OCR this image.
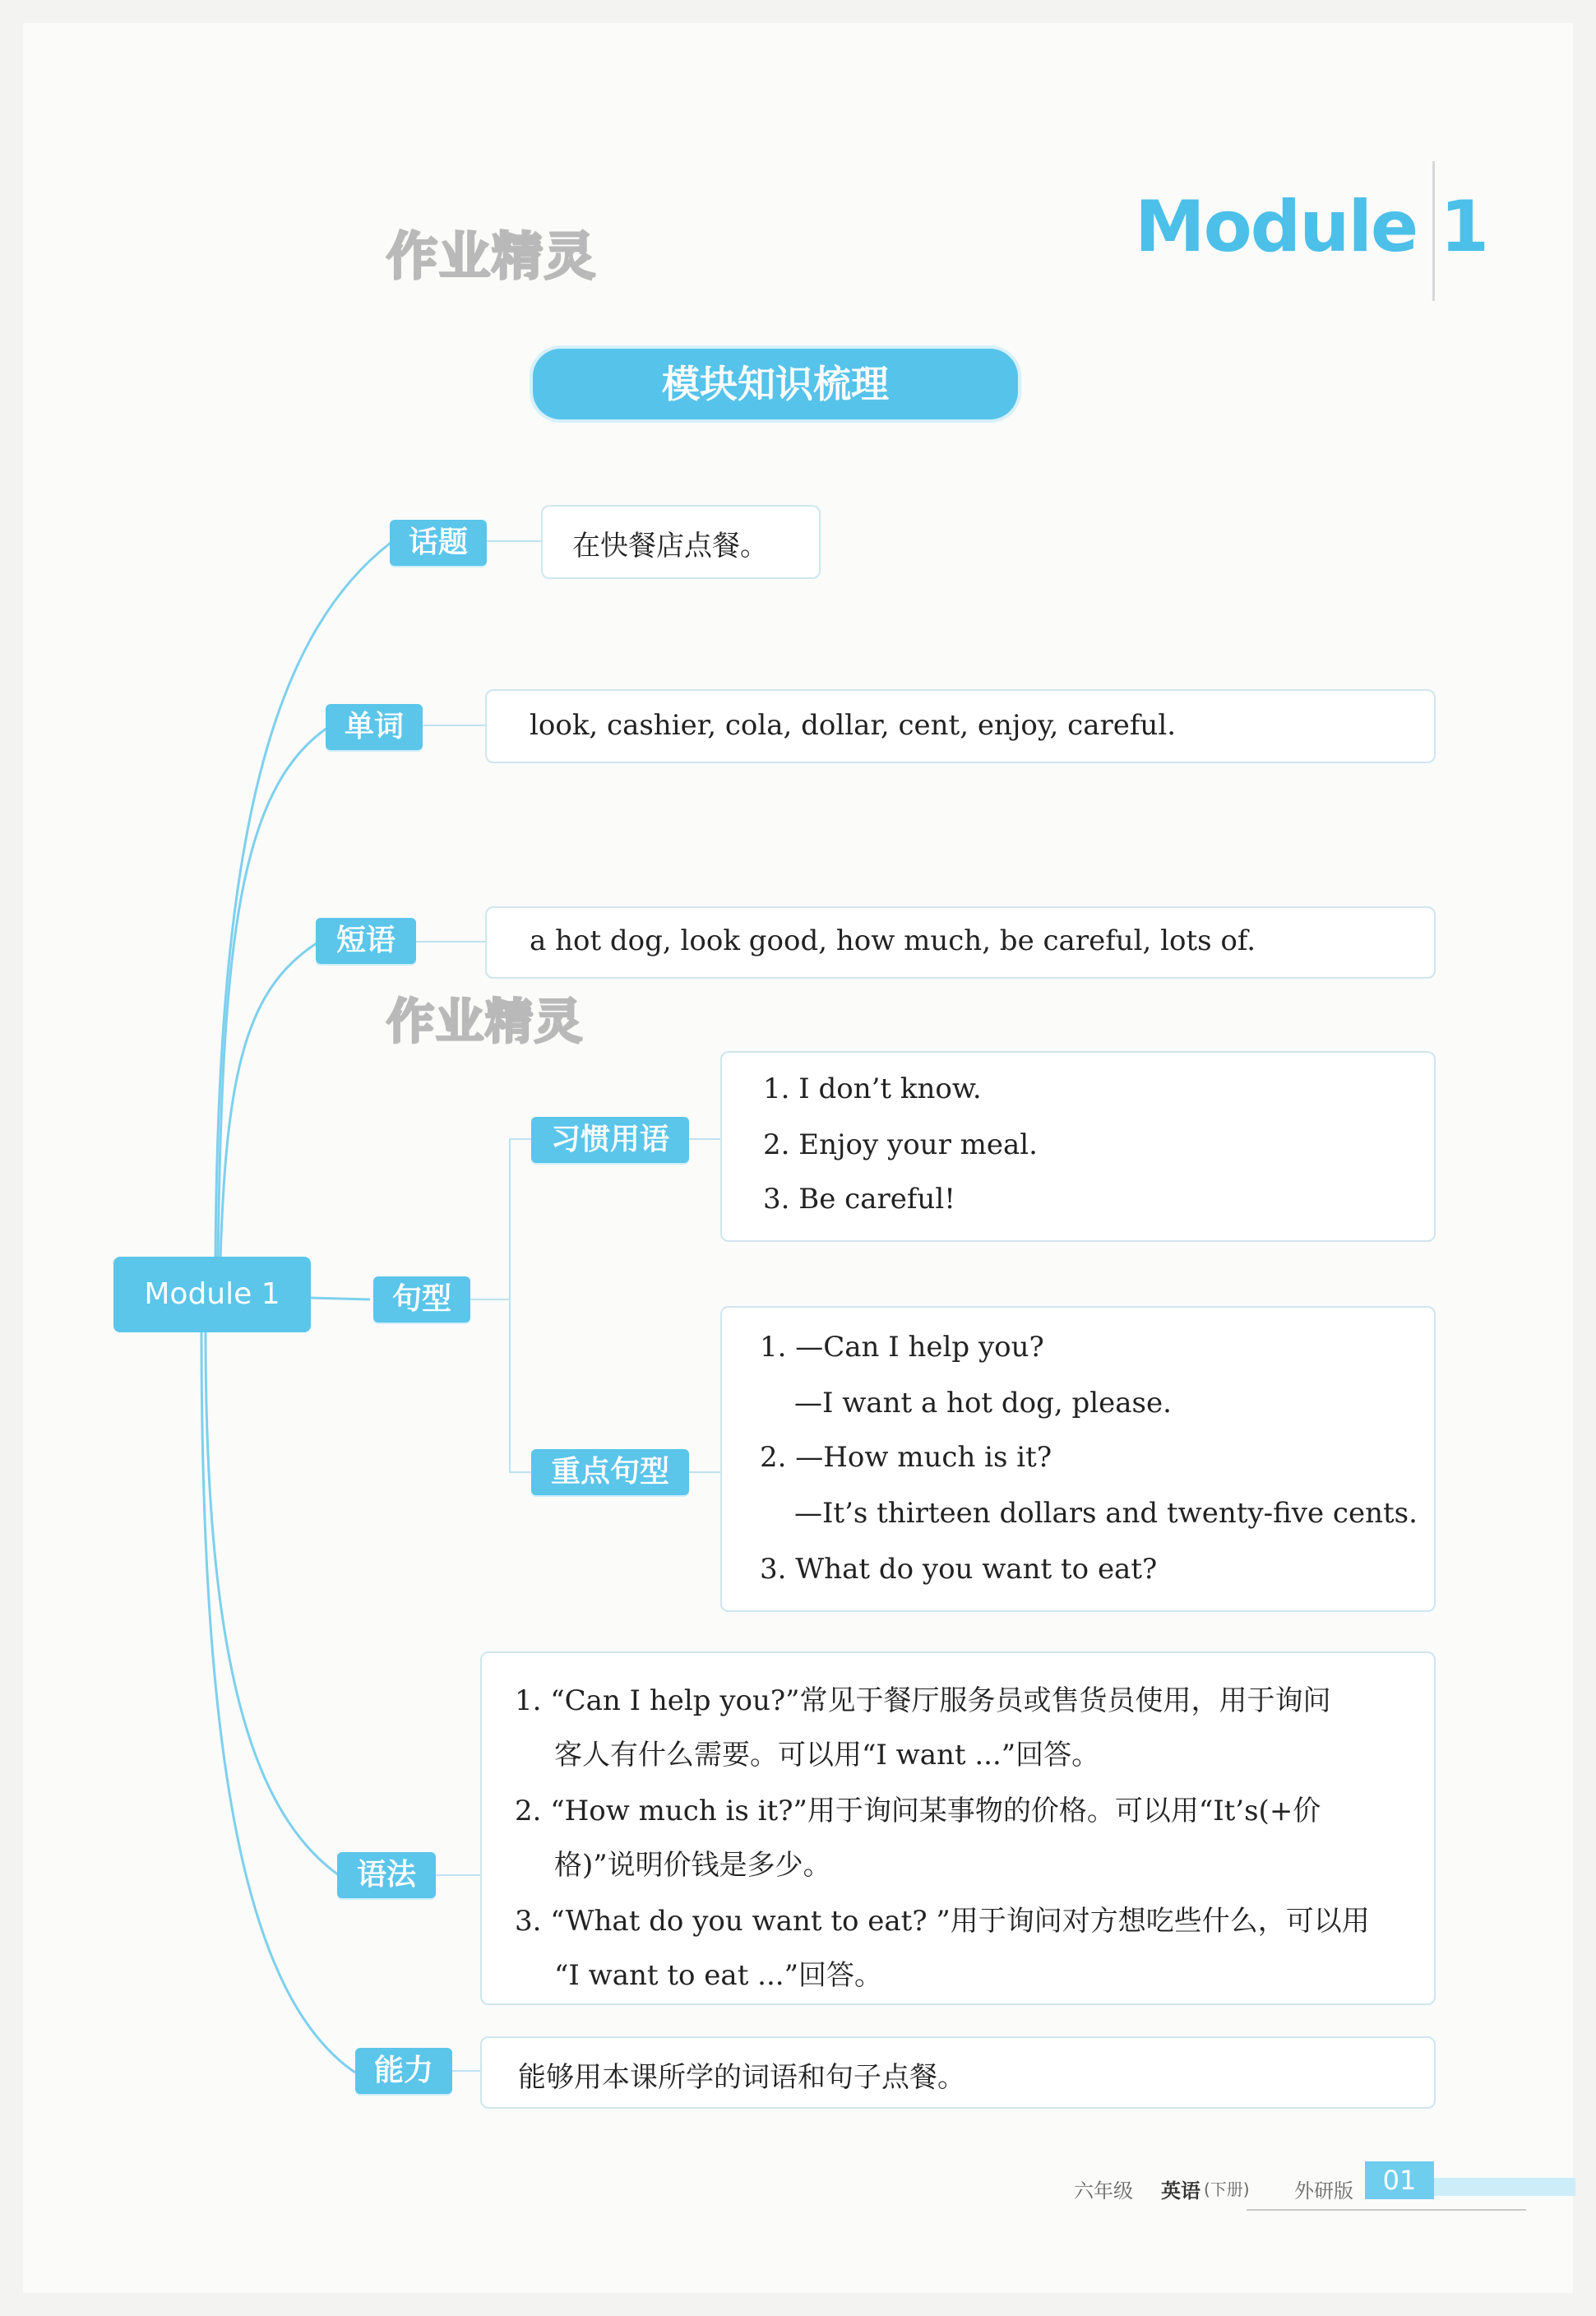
作业精灵	Module 1
模块知识梳理
Module 1
话题	在快餐店点餐。
单词	look, cashier, cola, dollar, cent, enjoy, careful.
短语	a hot dog, look good, how much, be careful, lots of.
作业精灵
句型
习惯用语
1. I don’t know.
2. Enjoy your meal.
3. Be careful!
重点句型
1. —Can I help you?
—I want a hot dog, please.
2. —How much is it?
—It’s thirteen dollars and twenty-five cents.
3. What do you want to eat?
语法
1. “Can I help you?”常见于餐厅服务员或售货员使用，用于询问
客人有什么需要。可以用“I want ...”回答。
2. “How much is it?”用于询问某事物的价格。可以用“It’s(+价
格)”说明价钱是多少。
3. “What do you want to eat? ”用于询问对方想吃些什么，可以用
“I want to eat ...”回答。
能力	能够用本课所学的词语和句子点餐。
六年级 英语 (下册) 外研版	01
